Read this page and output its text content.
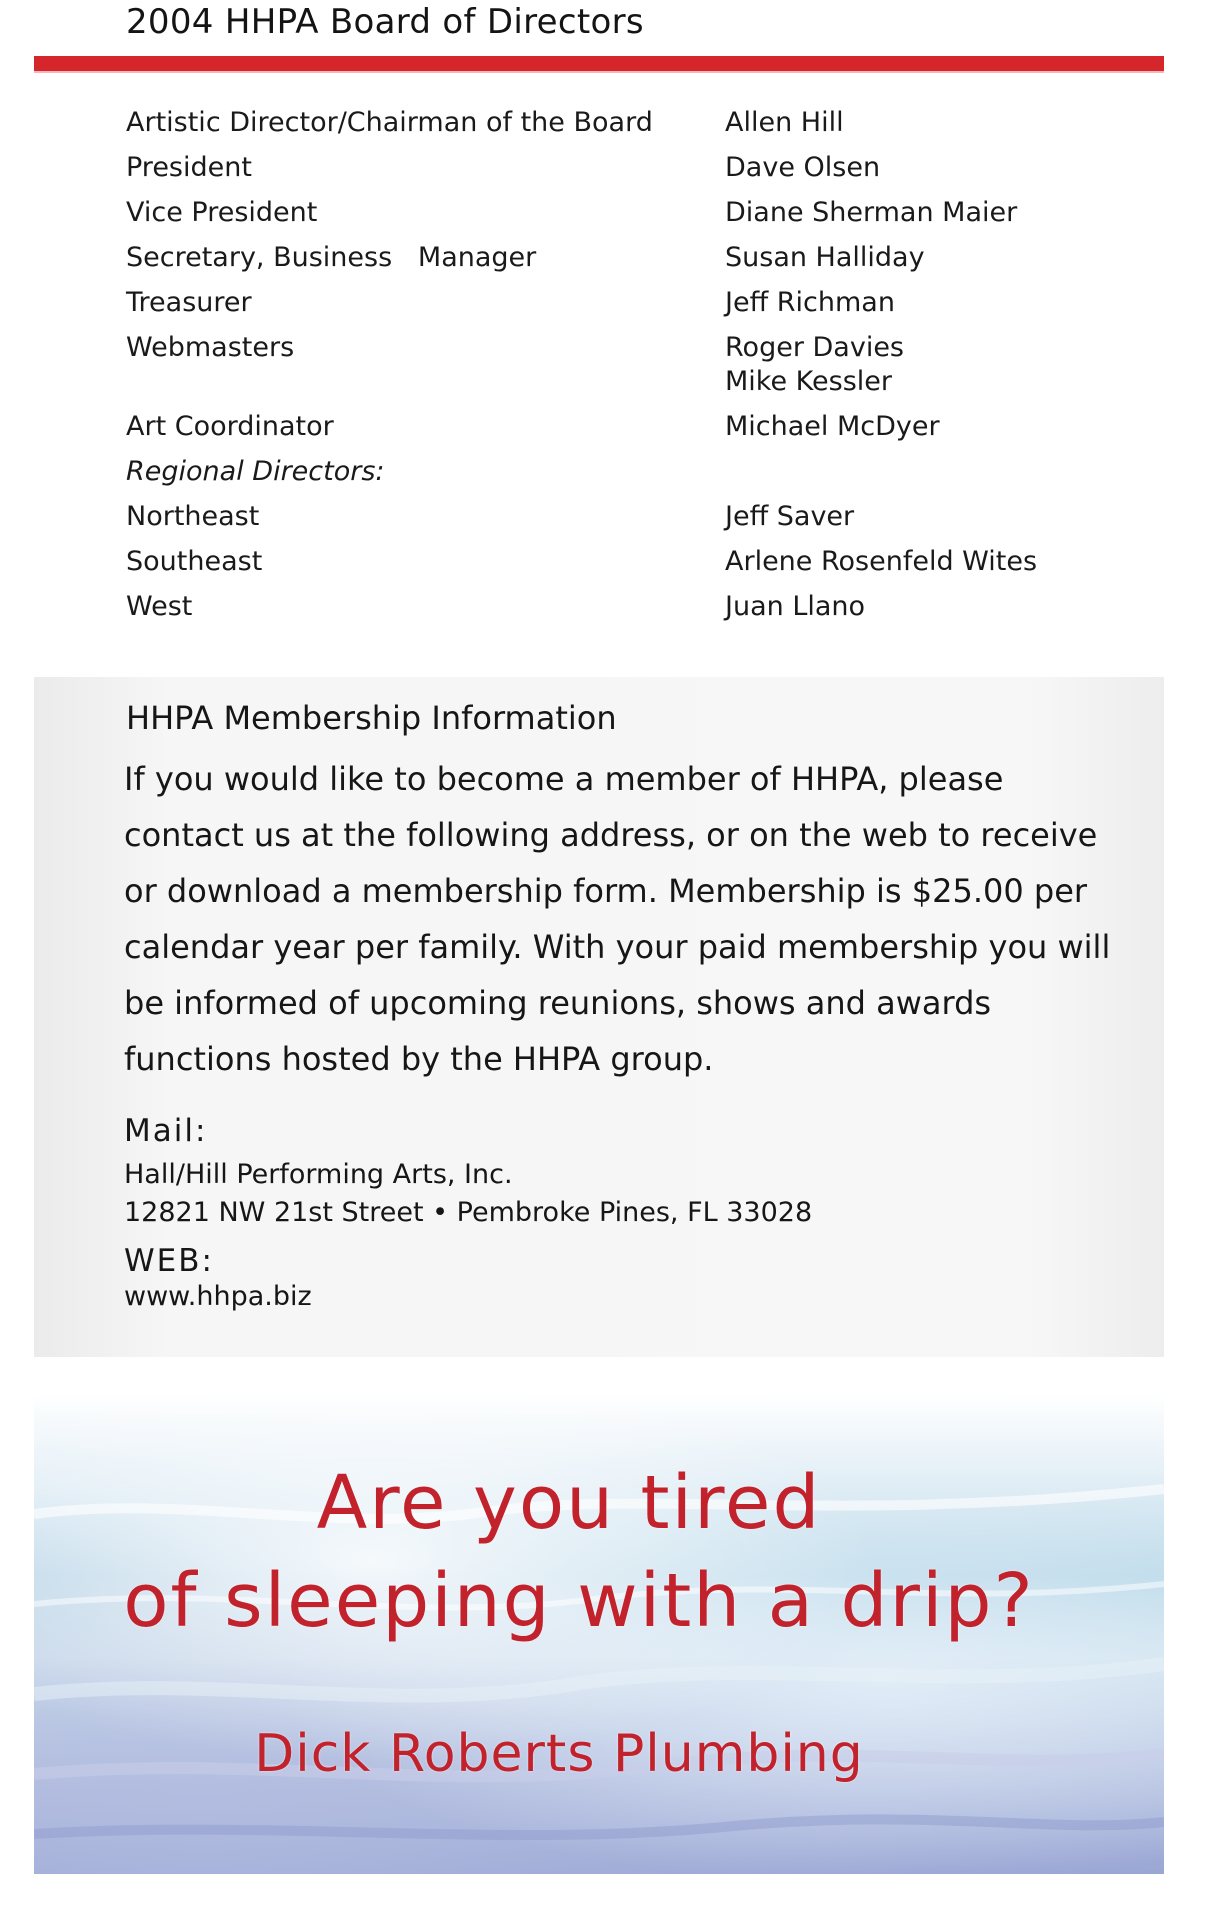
2004 HHPA Board of Directors
Artistic Director/Chairman of the Board	Allen Hill
President	Dave Olsen
Vice President	Diane Sherman Maier
Secretary, Business   Manager	Susan Halliday
Treasurer	Jeff Richman
Webmasters	Roger Davies
Mike Kessler
Art Coordinator	Michael McDyer
Regional Directors:
Northeast	Jeff Saver
Southeast	Arlene Rosenfeld Wites
West	Juan Llano
HHPA Membership Information

If you would like to become a member of HHPA, please contact us at the following address, or on the web to receive or download a membership form. Membership is $25.00 per calendar year per family. With your paid membership you will be informed of upcoming reunions, shows and awards functions hosted by the HHPA group.

Mail:
Hall/Hill Performing Arts, Inc.
12821 NW 21st Street • Pembroke Pines, FL 33028
WEB:
www.hhpa.biz
Are you tired
of sleeping with a drip?
Dick Roberts Plumbing
